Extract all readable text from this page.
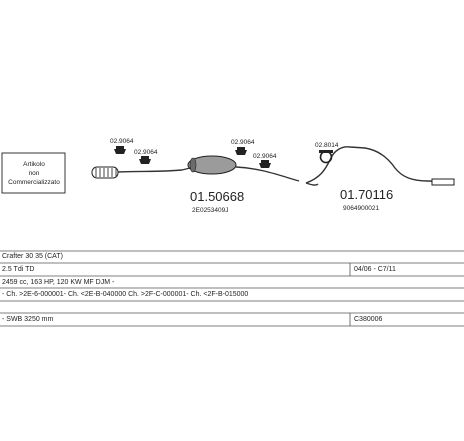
Artikolo
non
Commercializzato
02.9064
02.9064
02.9064
02.9064
02.8014
01.50668
2E0253409J
01.70116
9064900021
Crafter 30 35 (CAT)
2.5 Tdi TD	04/06 - C7/11
2459 cc, 163 HP, 120 KW MF DJM -
- Ch. >2E-6-000001- Ch. <2E-B-040000 Ch. >2F-C-000001- Ch. <2F-B-015000
- SWB 3250 mm	C380006
